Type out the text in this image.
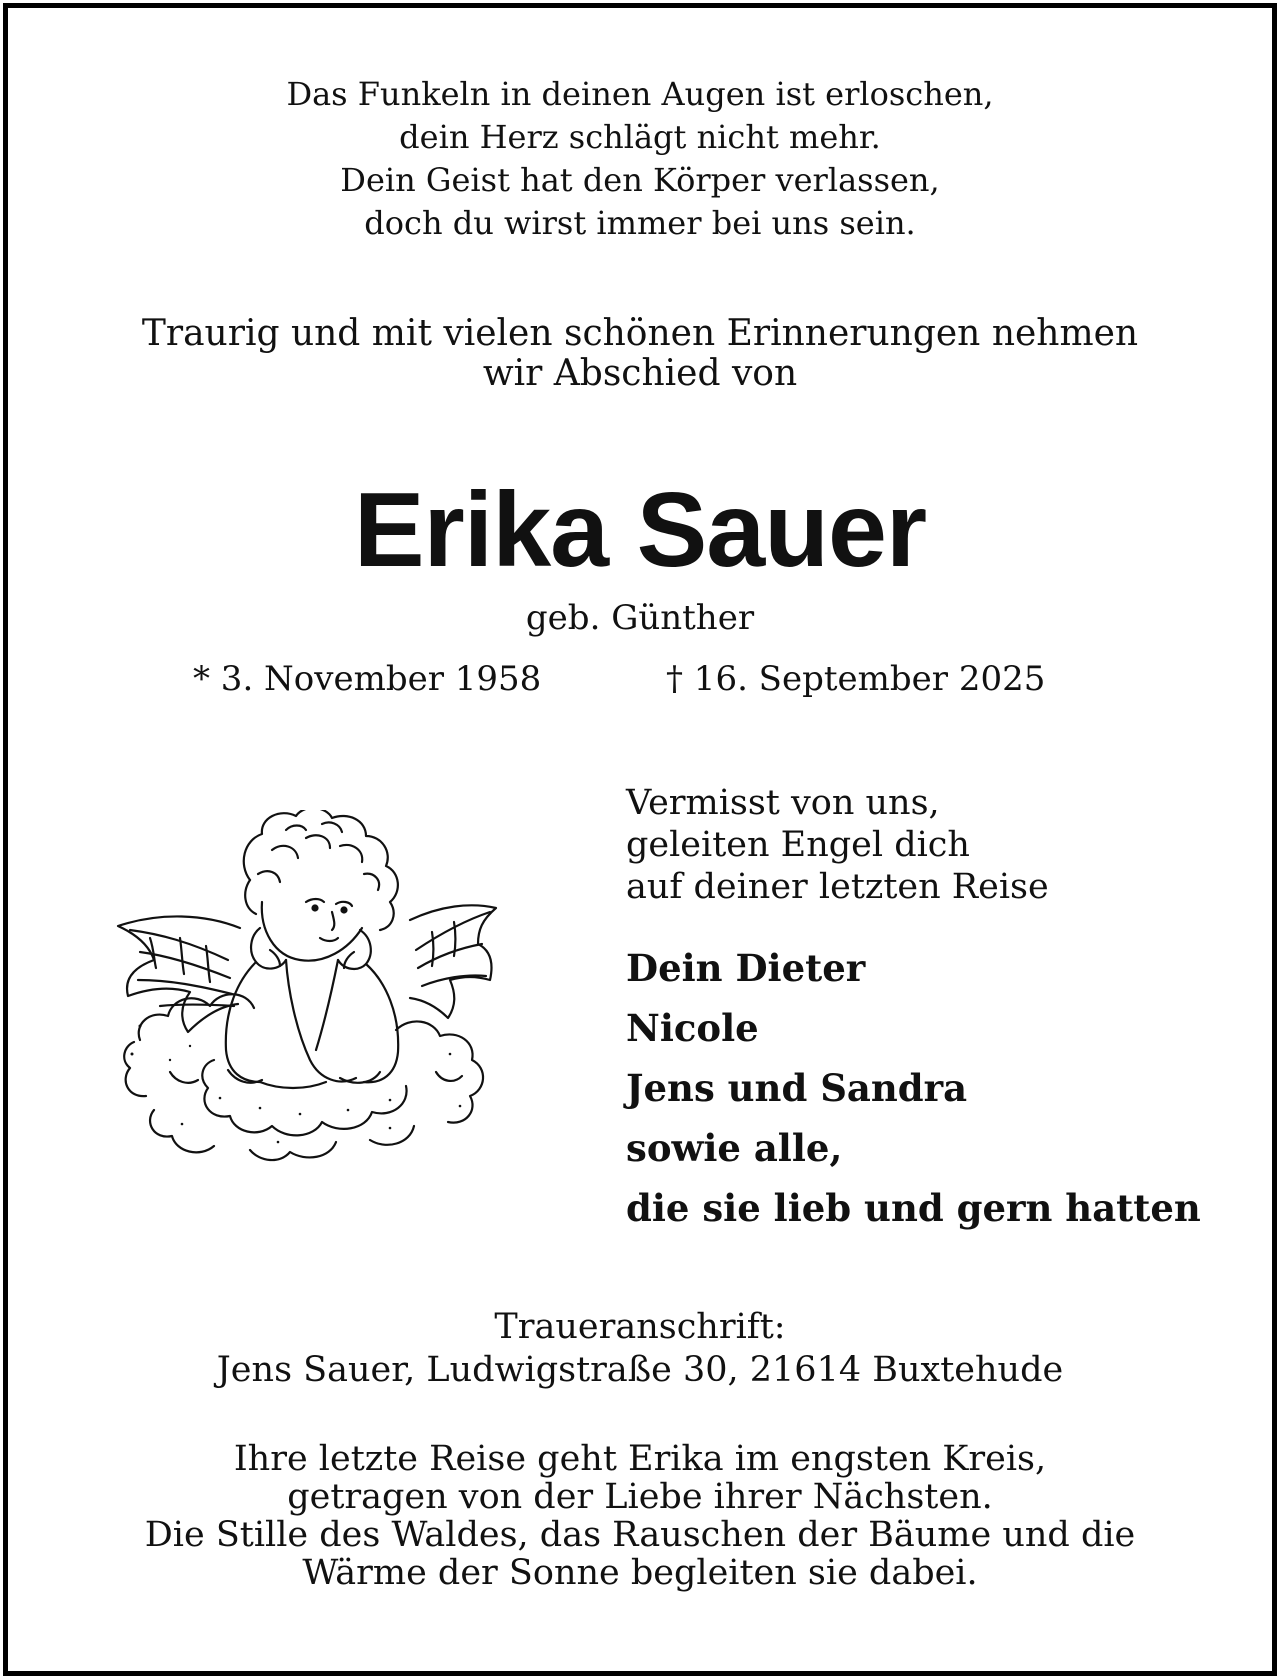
Das Funkeln in deinen Augen ist erloschen,
dein Herz schlägt nicht mehr.
Dein Geist hat den Körper verlassen,
doch du wirst immer bei uns sein.
Traurig und mit vielen schönen Erinnerungen nehmen
wir Abschied von
Erika Sauer
geb. Günther
* 3. November 1958	† 16. September 2025
Vermisst von uns,
geleiten Engel dich
auf deiner letzten Reise
Dein Dieter
Nicole
Jens und Sandra
sowie alle,
die sie lieb und gern hatten
Traueranschrift:
Jens Sauer, Ludwigstraße 30, 21614 Buxtehude
Ihre letzte Reise geht Erika im engsten Kreis,
getragen von der Liebe ihrer Nächsten.
Die Stille des Waldes, das Rauschen der Bäume und die
Wärme der Sonne begleiten sie dabei.
